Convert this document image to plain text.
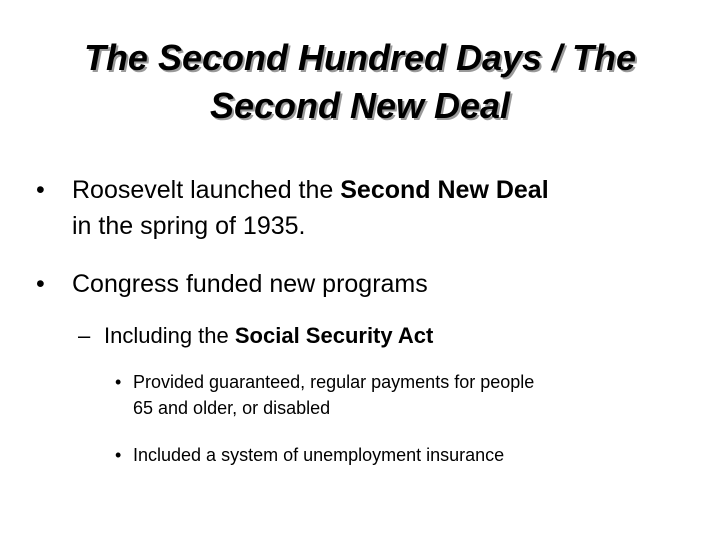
The Second Hundred Days / The
Second New Deal
•	Roosevelt launched the Second New Deal
in the spring of 1935.
•	Congress funded new programs
– Including the Social Security Act
• Provided guaranteed, regular payments for people
65 and older, or disabled
• Included a system of unemployment insurance
